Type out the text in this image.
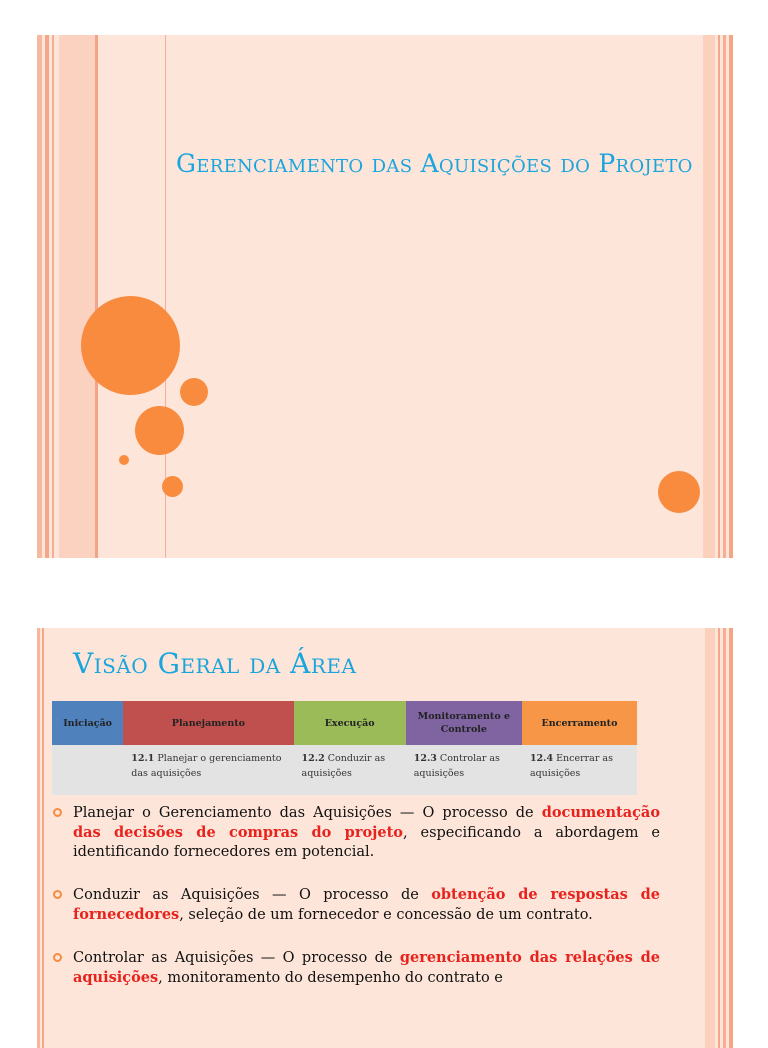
Gerenciamento das Aquisições do Projeto
Visão Geral da Área
Iniciação	Planejamento	Execução	Monitoramento e Controle	Encerramento
	12.1 Planejar o gerenciamento das aquisições	12.2 Conduzir as aquisições	12.3 Controlar as aquisições	12.4 Encerrar as aquisições
Planejar o Gerenciamento das Aquisições — O processo de documentação das decisões de compras do projeto, especificando a abordagem e identificando fornecedores em potencial.
Conduzir as Aquisições — O processo de obtenção de respostas de fornecedores, seleção de um fornecedor e concessão de um contrato.
Controlar as Aquisições — O processo de gerenciamento das relações de aquisições, monitoramento do desempenho do contrato e
